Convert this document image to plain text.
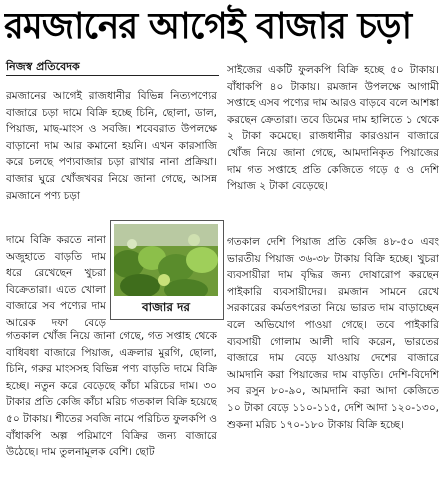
রমজানের আগেই বাজার চড়া
নিজস্ব প্রতিবেদক

রমজানের আগেই রাজধানীর বিভিন্ন নিত্যপণ্যের বাজারে চড়া দামে বিক্রি হচ্ছে চিনি, ছোলা, ডাল, পিয়াজ, মাছ-মাংস ও সবজি। শবেবরাত উপলক্ষে বাড়ানো দাম আর কমানো হয়নি। এখন কারসাজি করে চলছে পণ্যবাজার চড়া রাখার নানা প্রক্রিয়া। বাজার ঘুরে খোঁজখবর নিয়ে জানা গেছে, আসন্ন রমজানে পণ্য চড়া

দামে বিক্রি করতে নানা অজুহাতে বাড়তি দাম ধরে রেখেছেন খুচরা বিক্রেতারা। এতে খোলা বাজারে সব পণ্যের দাম আরেক দফা বেড়ে

গতকাল খোঁজ নিয়ে জানা গেছে, গত সপ্তাহ থেকে বাধিবধা বাজারে পিয়াজ, এক্রলার মুরগি, ছোলা, চিনি, গরুর মাংসসহ বিভিন্ন পণ্য বাড়তি দামে বিক্রি হচ্ছে। নতুন করে বেড়েছে কাঁচা মরিচের দাম। ৩০ টাকার প্রতি কেজি কাঁচা মরিচ গতকাল বিক্রি হয়েছে ৫০ টাকায়। শীতের সবজি নামে পরিচিত ফুলকপি ও বাঁধাকপি অল্প পরিমাণে বিক্রির জন্য বাজারে উঠেছে। দাম তুলনামূলক বেশি। ছোট

বাজার দর

সাইজের একটি ফুলকপি বিক্রি হচ্ছে ৫০ টাকায়। বাঁধাকপি ৪০ টাকায়। রমজান উপলক্ষে আগামী সপ্তাহে এসব পণ্যের দাম আরও বাড়বে বলে আশঙ্কা করছেন ক্রেতারা। তবে ডিমের দাম হালিতে ১ থেকে ২ টাকা কমেছে। রাজধানীর কারওয়ান বাজারে খোঁজ নিয়ে জানা গেছে, আমদানিকৃত পিয়াজের দাম গত সপ্তাহে প্রতি কেজিতে গড়ে ৫ ও দেশি পিয়াজ ২ টাকা বেড়েছে।

গতকাল দেশি পিয়াজ প্রতি কেজি ৪৮-৫০ এবং ভারতীয় পিয়াজ ৩৬-৩৮ টাকায় বিক্রি হচ্ছে। খুচরা ব্যবসায়ীরা দাম বৃদ্ধির জন্য দোষারোপ করছেন পাইকারি ব্যবসায়ীদের। রমজান সামনে রেখে সরকারের কর্মতৎপরতা নিয়ে ভারত দাম বাড়াচ্ছেন বলে অভিযোগ পাওয়া গেছে। তবে পাইকারি ব্যবসায়ী গোলাম আলী দাবি করেন, ভারতের বাজারে দাম বেড়ে যাওয়ায় দেশের বাজারে আমদানি করা পিয়াজের দাম বাড়তি। দেশি-বিদেশি সব রসুন ৮০-৯০, আমদানি করা আদা কেজিতে ১০ টাকা বেড়ে ১১০-১১৫, দেশি আদা ১২০-১৩০, শুকনা মরিচ ১৭০-১৮০ টাকায় বিক্রি হচ্ছে।
